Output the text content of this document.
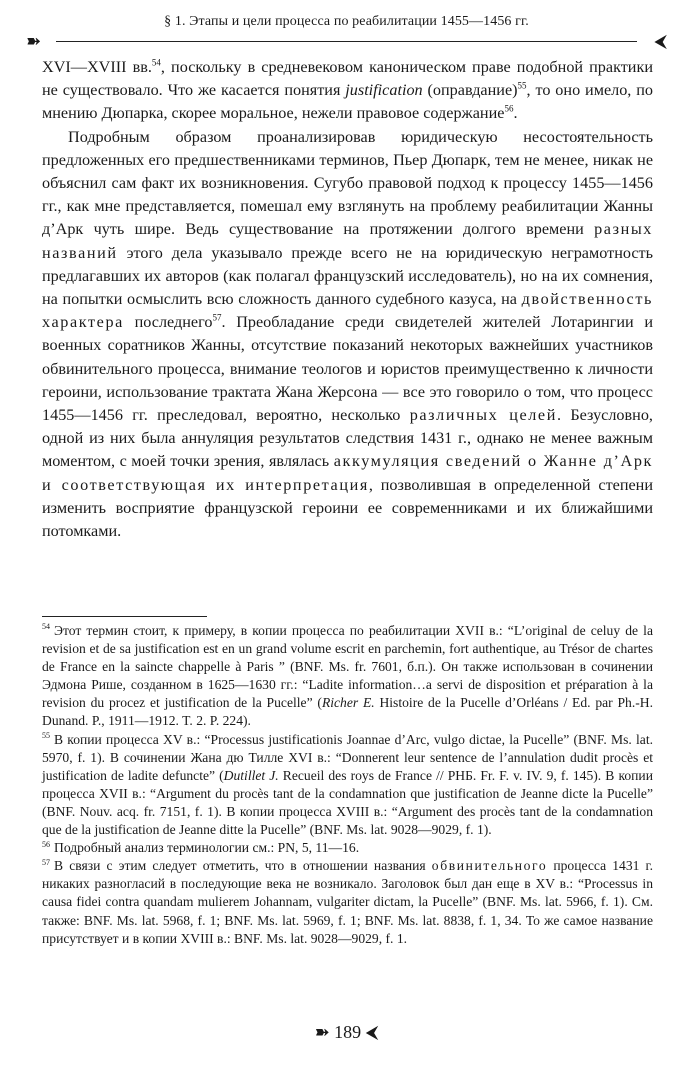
➽
§ 1. Этапы и цели процесса по реабилитации 1455—1456 гг.
⮜

XVI—XVIII вв.$^{54}$, поскольку в средневековом каноническом праве подобной практики не существовало. Что же касается понятия justification (оправдание)$^{55}$, то оно имело, по мнению Дюпарка, скорее моральное, нежели правовое содержание$^{56}$.

Подробным образом проанализировав юридическую несостоятельность предложенных его предшественниками терминов, Пьер Дюпарк, тем не менее, никак не объяснил сам факт их возникновения. Сугубо правовой подход к процессу 1455—1456 гг., как мне представляется, помешал ему взглянуть на проблему реабилитации Жанны д’Арк чуть шире. Ведь существование на протяжении долгого времени разных названий этого дела указывало прежде всего не на юридическую неграмотность предлагавших их авторов (как полагал французский исследователь), но на их сомнения, на попытки осмыслить всю сложность данного судебного казуса, на двойственность характера последнего$^{57}$. Преобладание среди свидетелей жителей Лотарингии и военных соратников Жанны, отсутствие показаний некоторых важнейших участников обвинительного процесса, внимание теологов и юристов преимущественно к личности героини, использование трактата Жана Жерсона — все это говорило о том, что процесс 1455—1456 гг. преследовал, вероятно, несколько различных целей. Безусловно, одной из них была аннуляция результатов следствия 1431 г., однако не менее важным моментом, с моей точки зрения, являлась аккумуляция сведений о Жанне д’Арк и соответствующая их интерпретация, позволившая в определенной степени изменить восприятие французской героини ее современниками и их ближайшими потомками.

$^{54}$ Этот термин стоит, к примеру, в копии процесса по реабилитации XVII в.: “L’original de celuy de la revision et de sa justification est en un grand volume escrit en parchemin, fort authentique, au Trésor de chartes de France en la saincte chappelle à Paris ” (BNF. Ms. fr. 7601, б.п.). Он также использован в сочинении Эдмона Рише, созданном в 1625—1630 гг.: “Ladite information…a servi de disposition et préparation à la revision du procez et justification de la Pucelle” (Richer E. Histoire de la Pucelle d’Orléans / Ed. par Ph.-H. Dunand. P., 1911—1912. T. 2. P. 224).

$^{55}$ В копии процесса XV в.: “Processus justificationis Joannae d’Arc, vulgo dictae, la Pucelle” (BNF. Ms. lat. 5970, f. 1). В сочинении Жана дю Тилле XVI в.: “Donnerent leur sentence de l’annulation dudit procès et justification de ladite defuncte” (Dutillet J. Recueil des roys de France // РНБ. Fr. F. v. IV. 9, f. 145). В копии процесса XVII в.: “Argument du procès tant de la condamnation que justification de Jeanne dicte la Pucelle” (BNF. Nouv. acq. fr. 7151, f. 1). В копии процесса XVIII в.: “Argument des procès tant de la condamnation que de la justification de Jeanne ditte la Pucelle” (BNF. Ms. lat. 9028—9029, f. 1).

$^{56}$ Подробный анализ терминологии см.: PN, 5, 11—16.

$^{57}$ В связи с этим следует отметить, что в отношении названия обвинительного процесса 1431 г. никаких разногласий в последующие века не возникало. Заголовок был дан еще в XV в.: “Processus in causa fidei contra quandam mulierem Johannam, vulgariter dictam, la Pucelle” (BNF. Ms. lat. 5966, f. 1). См. также: BNF. Ms. lat. 5968, f. 1; BNF. Ms. lat. 5969, f. 1; BNF. Ms. lat. 8838, f. 1, 34. То же самое название присутствует и в копии XVIII в.: BNF. Ms. lat. 9028—9029, f. 1.

➽ 189 ⮜
